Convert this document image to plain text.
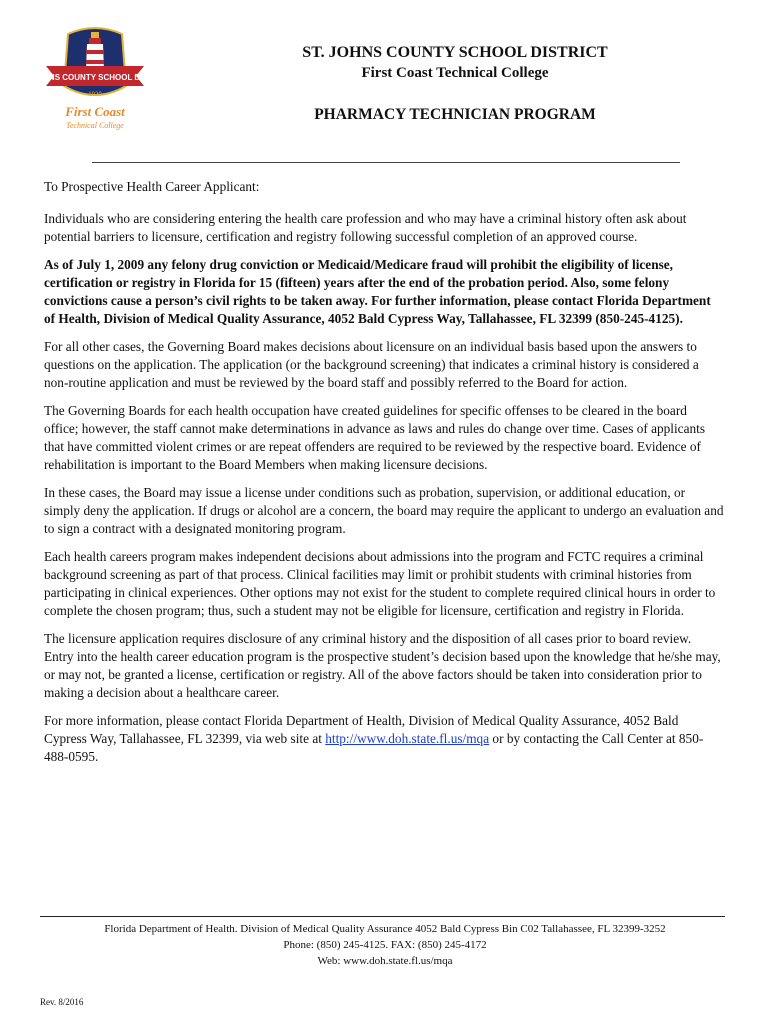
ST. JOHNS COUNTY SCHOOL DISTRICT
1920
First Coast
Technical College
ST. JOHNS COUNTY SCHOOL DISTRICT
First Coast Technical College
PHARMACY TECHNICIAN PROGRAM

To Prospective Health Career Applicant:

Individuals who are considering entering the health care profession and who may have a criminal history often ask about potential barriers to licensure, certification and registry following successful completion of an approved course.

As of July 1, 2009 any felony drug conviction or Medicaid/Medicare fraud will prohibit the eligibility of license, certification or registry in Florida for 15 (fifteen) years after the end of the probation period. Also, some felony convictions cause a person’s civil rights to be taken away. For further information, please contact Florida Department of Health, Division of Medical Quality Assurance, 4052 Bald Cypress Way, Tallahassee, FL 32399 (850-245-4125).

For all other cases, the Governing Board makes decisions about licensure on an individual basis based upon the answers to questions on the application. The application (or the background screening) that indicates a criminal history is considered a non-routine application and must be reviewed by the board staff and possibly referred to the Board for action.

The Governing Boards for each health occupation have created guidelines for specific offenses to be cleared in the board office; however, the staff cannot make determinations in advance as laws and rules do change over time. Cases of applicants that have committed violent crimes or are repeat offenders are required to be reviewed by the respective board. Evidence of rehabilitation is important to the Board Members when making licensure decisions.

In these cases, the Board may issue a license under conditions such as probation, supervision, or additional education, or simply deny the application. If drugs or alcohol are a concern, the board may require the applicant to undergo an evaluation and to sign a contract with a designated monitoring program.

Each health careers program makes independent decisions about admissions into the program and FCTC requires a criminal background screening as part of that process. Clinical facilities may limit or prohibit students with criminal histories from participating in clinical experiences. Other options may not exist for the student to complete required clinical hours in order to complete the chosen program; thus, such a student may not be eligible for licensure, certification and registry in Florida.

The licensure application requires disclosure of any criminal history and the disposition of all cases prior to board review. Entry into the health career education program is the prospective student’s decision based upon the knowledge that he/she may, or may not, be granted a license, certification or registry. All of the above factors should be taken into consideration prior to making a decision about a healthcare career.

For more information, please contact Florida Department of Health, Division of Medical Quality Assurance, 4052 Bald Cypress Way, Tallahassee, FL 32399, via web site at http://www.doh.state.fl.us/mqa or by contacting the Call Center at 850-488-0595.

Florida Department of Health. Division of Medical Quality Assurance 4052 Bald Cypress Bin C02 Tallahassee, FL 32399-3252
Phone: (850) 245-4125. FAX: (850) 245-4172
Web: www.doh.state.fl.us/mqa
Rev. 8/2016
